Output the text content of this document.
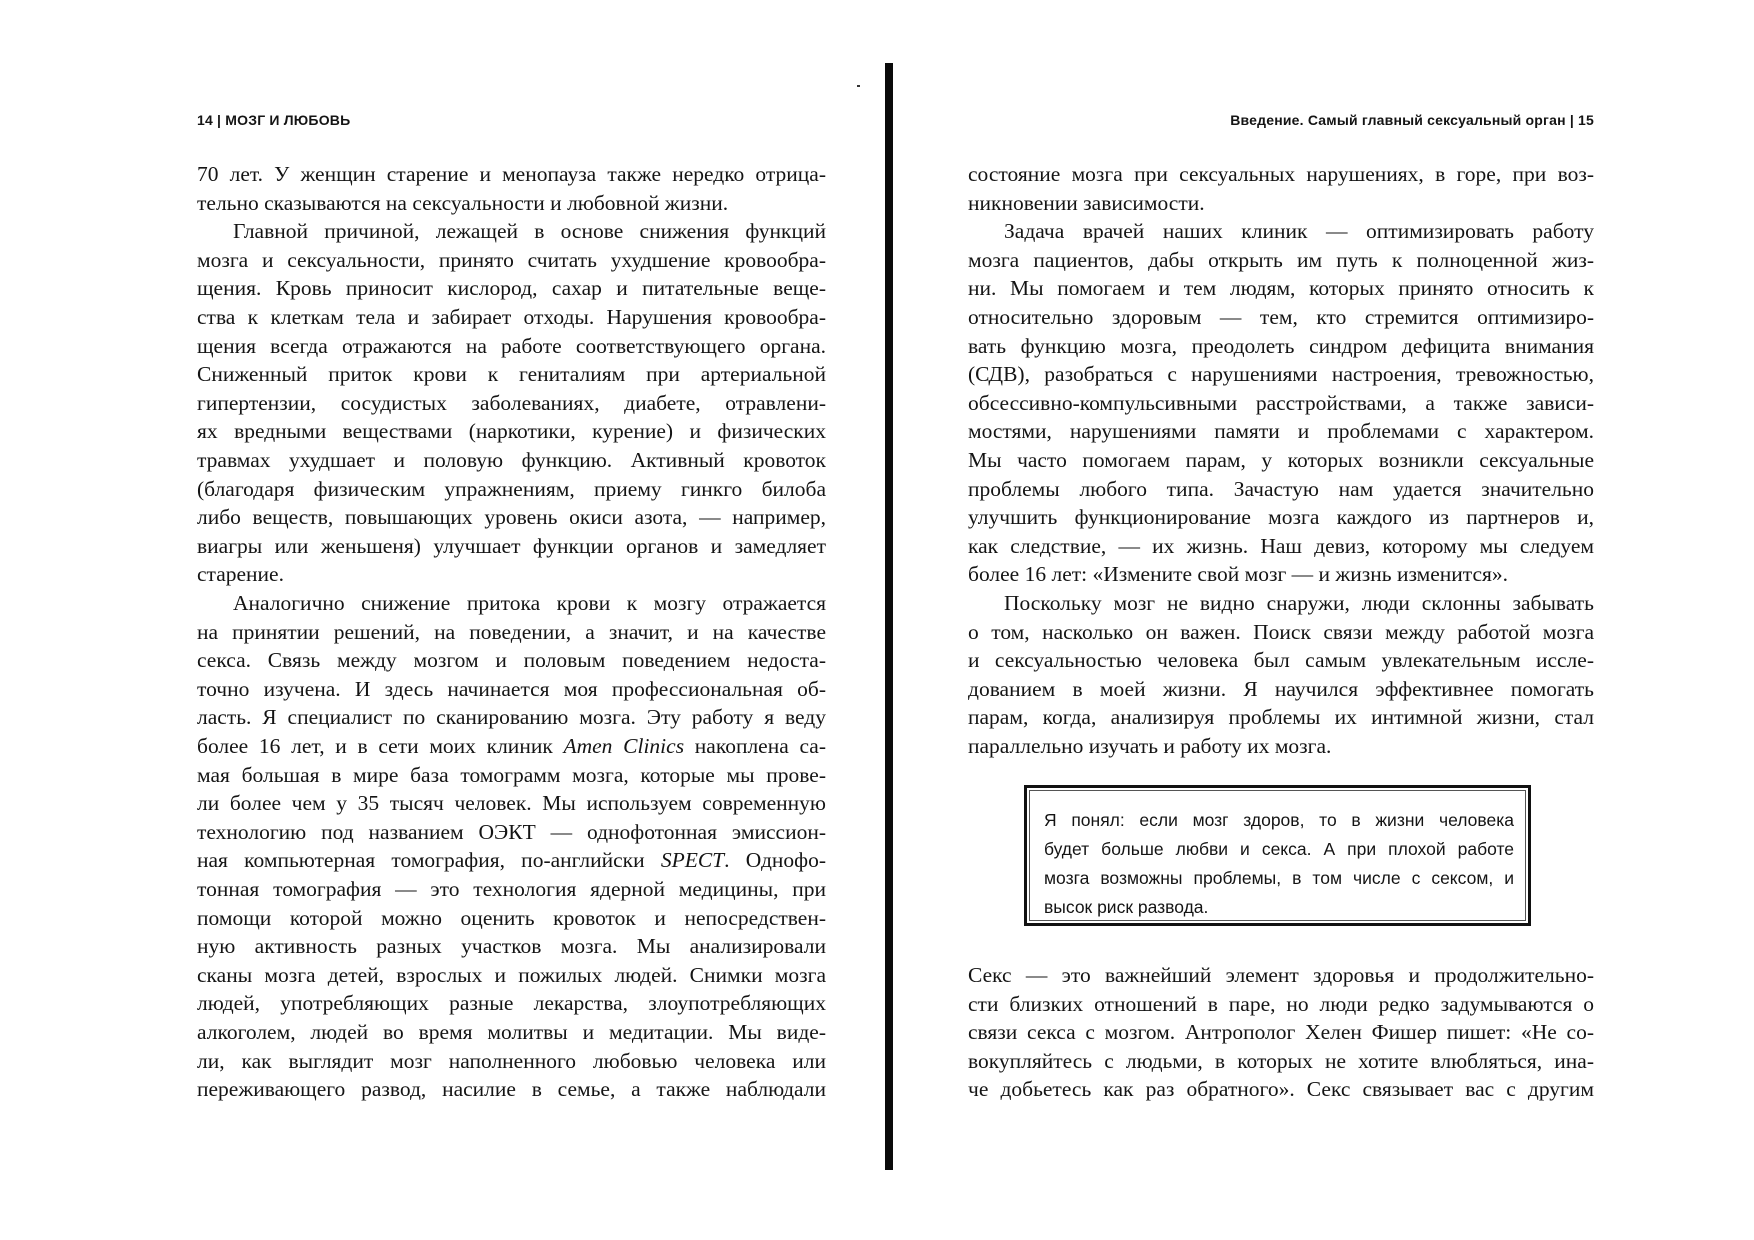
14 | МОЗГ И ЛЮБОВЬ	Введение. Самый главный сексуальный орган | 15
70 лет. У женщин старение и менопауза также нередко отрица-
тельно сказываются на сексуальности и любовной жизни.
Главной причиной, лежащей в основе снижения функций
мозга и сексуальности, принято считать ухудшение кровообра-
щения. Кровь приносит кислород, сахар и питательные веще-
ства к клеткам тела и забирает отходы. Нарушения кровообра-
щения всегда отражаются на работе соответствующего органа.
Сниженный приток крови к гениталиям при артериальной
гипертензии, сосудистых заболеваниях, диабете, отравлени-
ях вредными веществами (наркотики, курение) и физических
травмах ухудшает и половую функцию. Активный кровоток
(благодаря физическим упражнениям, приему гинкго билоба
либо веществ, повышающих уровень окиси азота, — например,
виагры или женьшеня) улучшает функции органов и замедляет
старение.
Аналогично снижение притока крови к мозгу отражается
на принятии решений, на поведении, а значит, и на качестве
секса. Связь между мозгом и половым поведением недоста-
точно изучена. И здесь начинается моя профессиональная об-
ласть. Я специалист по сканированию мозга. Эту работу я веду
более 16 лет, и в сети моих клиник Amen Clinics накоплена са-
мая большая в мире база томограмм мозга, которые мы прове-
ли более чем у 35 тысяч человек. Мы используем современную
технологию под названием ОЭКТ — однофотонная эмиссион-
ная компьютерная томография, по-английски SPECT. Однофо-
тонная томография — это технология ядерной медицины, при
помощи которой можно оценить кровоток и непосредствен-
ную активность разных участков мозга. Мы анализировали
сканы мозга детей, взрослых и пожилых людей. Снимки мозга
людей, употребляющих разные лекарства, злоупотребляющих
алкоголем, людей во время молитвы и медитации. Мы виде-
ли, как выглядит мозг наполненного любовью человека или
переживающего развод, насилие в семье, а также наблюдали
состояние мозга при сексуальных нарушениях, в горе, при воз-
никновении зависимости.
Задача врачей наших клиник — оптимизировать работу
мозга пациентов, дабы открыть им путь к полноценной жиз-
ни. Мы помогаем и тем людям, которых принято относить к
относительно здоровым — тем, кто стремится оптимизиро-
вать функцию мозга, преодолеть синдром дефицита внимания
(СДВ), разобраться с нарушениями настроения, тревожностью,
обсессивно-компульсивными расстройствами, а также зависи-
мостями, нарушениями памяти и проблемами с характером.
Мы часто помогаем парам, у которых возникли сексуальные
проблемы любого типа. Зачастую нам удается значительно
улучшить функционирование мозга каждого из партнеров и,
как следствие, — их жизнь. Наш девиз, которому мы следуем
более 16 лет: «Измените свой мозг — и жизнь изменится».
Поскольку мозг не видно снаружи, люди склонны забывать
о том, насколько он важен. Поиск связи между работой мозга
и сексуальностью человека был самым увлекательным иссле-
дованием в моей жизни. Я научился эффективнее помогать
парам, когда, анализируя проблемы их интимной жизни, стал
параллельно изучать и работу их мозга.
Я понял: если мозг здоров, то в жизни человека
будет больше любви и секса. А при плохой работе
мозга возможны проблемы, в том числе с сексом, и
высок риск развода.
Секс — это важнейший элемент здоровья и продолжительно-
сти близких отношений в паре, но люди редко задумываются о
связи секса с мозгом. Антрополог Хелен Фишер пишет: «Не со-
вокупляйтесь с людьми, в которых не хотите влюбляться, ина-
че добьетесь как раз обратного». Секс связывает вас с другим
